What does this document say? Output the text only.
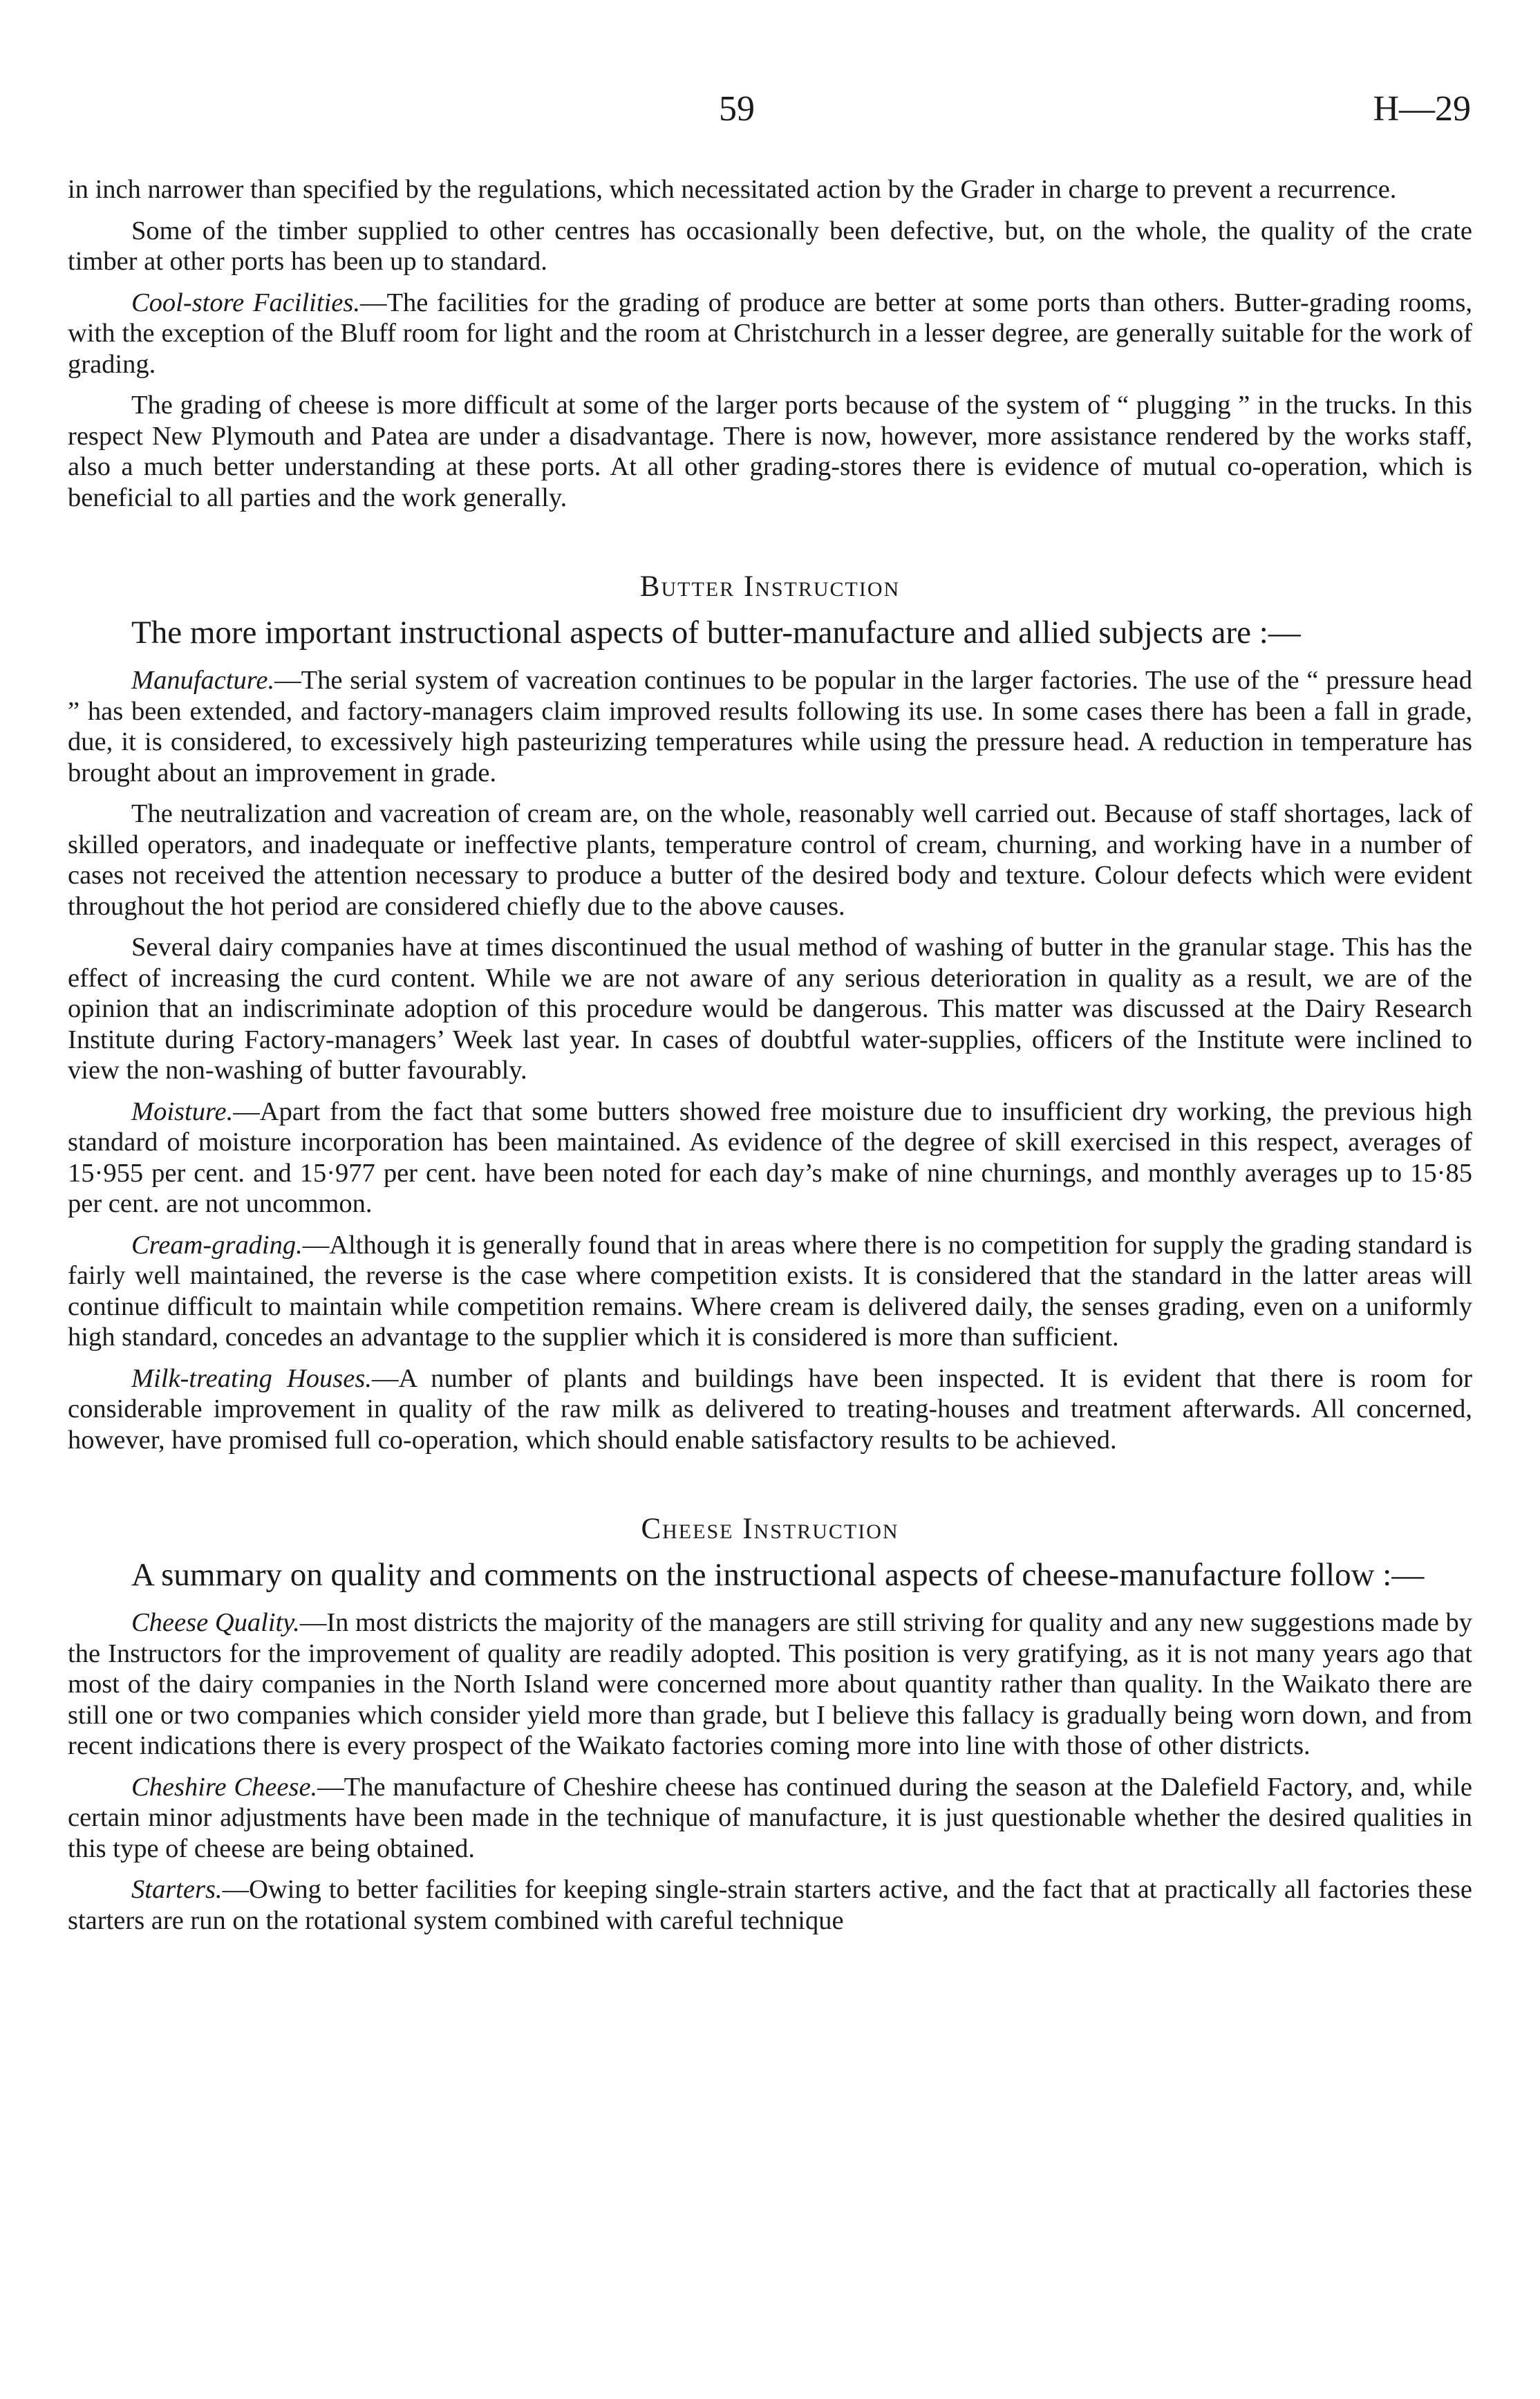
59	H—29

in inch narrower than specified by the regulations, which necessitated action by the Grader in charge to prevent a recurrence.

Some of the timber supplied to other centres has occasionally been defective, but, on the whole, the quality of the crate timber at other ports has been up to standard.

Cool-store Facilities.—The facilities for the grading of produce are better at some ports than others. Butter-grading rooms, with the exception of the Bluff room for light and the room at Christchurch in a lesser degree, are generally suitable for the work of grading.

The grading of cheese is more difficult at some of the larger ports because of the system of “ plugging ” in the trucks. In this respect New Plymouth and Patea are under a disadvantage. There is now, however, more assistance rendered by the works staff, also a much better understanding at these ports. At all other grading-stores there is evidence of mutual co-operation, which is beneficial to all parties and the work generally.

Butter Instruction

The more important instructional aspects of butter-manufacture and allied subjects are :—

Manufacture.—The serial system of vacreation continues to be popular in the larger factories. The use of the “ pressure head ” has been extended, and factory-managers claim improved results following its use. In some cases there has been a fall in grade, due, it is considered, to excessively high pasteurizing temperatures while using the pressure head. A reduction in temperature has brought about an improvement in grade.

The neutralization and vacreation of cream are, on the whole, reasonably well carried out. Because of staff shortages, lack of skilled operators, and inadequate or ineffective plants, temperature control of cream, churning, and working have in a number of cases not received the attention necessary to produce a butter of the desired body and texture. Colour defects which were evident throughout the hot period are considered chiefly due to the above causes.

Several dairy companies have at times discontinued the usual method of washing of butter in the granular stage. This has the effect of increasing the curd content. While we are not aware of any serious deterioration in quality as a result, we are of the opinion that an indiscriminate adoption of this procedure would be dangerous. This matter was discussed at the Dairy Research Institute during Factory-managers’ Week last year. In cases of doubtful water-supplies, officers of the Institute were inclined to view the non-washing of butter favourably.

Moisture.—Apart from the fact that some butters showed free moisture due to insufficient dry working, the previous high standard of moisture incorporation has been maintained. As evidence of the degree of skill exercised in this respect, averages of 15·955 per cent. and 15·977 per cent. have been noted for each day’s make of nine churnings, and monthly averages up to 15·85 per cent. are not uncommon.

Cream-grading.—Although it is generally found that in areas where there is no competition for supply the grading standard is fairly well maintained, the reverse is the case where competition exists. It is considered that the standard in the latter areas will continue difficult to maintain while competition remains. Where cream is delivered daily, the senses grading, even on a uniformly high standard, concedes an advantage to the supplier which it is considered is more than sufficient.

Milk-treating Houses.—A number of plants and buildings have been inspected. It is evident that there is room for considerable improvement in quality of the raw milk as delivered to treating-houses and treatment afterwards. All concerned, however, have promised full co-operation, which should enable satisfactory results to be achieved.

Cheese Instruction

A summary on quality and comments on the instructional aspects of cheese-manufacture follow :—

Cheese Quality.—In most districts the majority of the managers are still striving for quality and any new suggestions made by the Instructors for the improvement of quality are readily adopted. This position is very gratifying, as it is not many years ago that most of the dairy companies in the North Island were concerned more about quantity rather than quality. In the Waikato there are still one or two companies which consider yield more than grade, but I believe this fallacy is gradually being worn down, and from recent indications there is every prospect of the Waikato factories coming more into line with those of other districts.

Cheshire Cheese.—The manufacture of Cheshire cheese has continued during the season at the Dalefield Factory, and, while certain minor adjustments have been made in the technique of manufacture, it is just questionable whether the desired qualities in this type of cheese are being obtained.

Starters.—Owing to better facilities for keeping single-strain starters active, and the fact that at practically all factories these starters are run on the rotational system combined with careful technique
